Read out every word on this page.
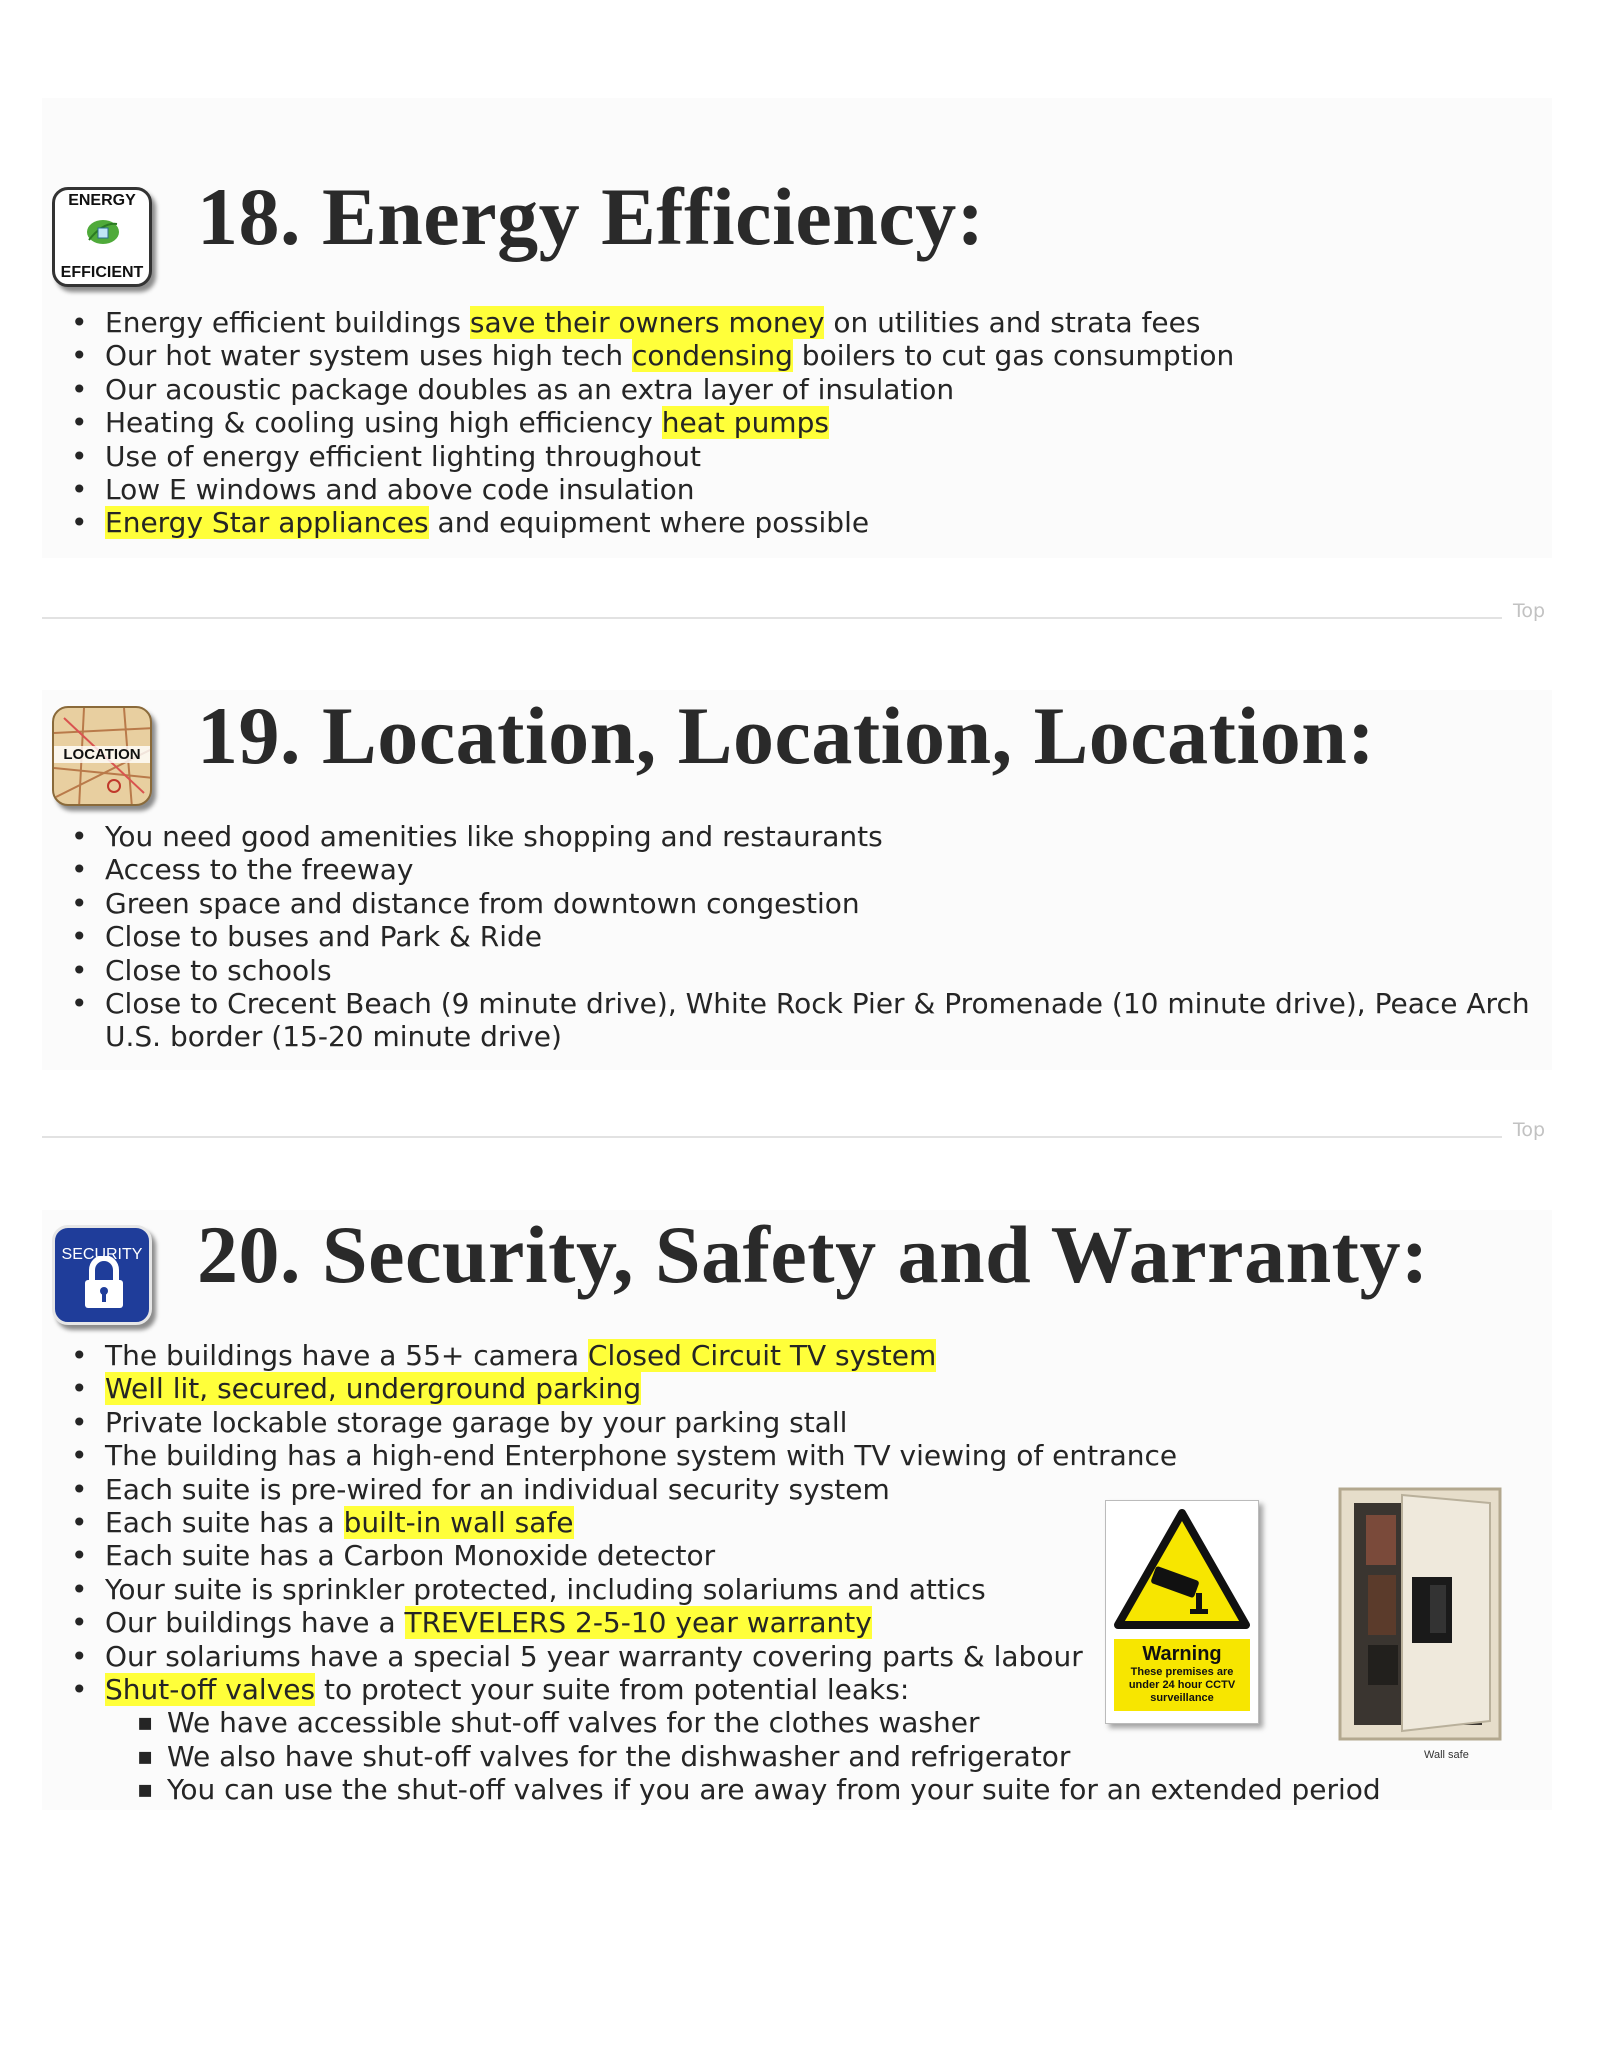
ENERGY
EFFICIENT
18. Energy Efficiency:
• Energy efficient buildings save their owners money on utilities and strata fees
• Our hot water system uses high tech condensing boilers to cut gas consumption
• Our acoustic package doubles as an extra layer of insulation
• Heating & cooling using high efficiency heat pumps
• Use of energy efficient lighting throughout
• Low E windows and above code insulation
• Energy Star appliances and equipment where possible
Top
LOCATION 19. Location, Location, Location:
• You need good amenities like shopping and restaurants
• Access to the freeway
• Green space and distance from downtown congestion
• Close to buses and Park & Ride
• Close to schools
• Close to Crecent Beach (9 minute drive), White Rock Pier & Promenade (10 minute drive), Peace Arch U.S. border (15-20 minute drive)
Top
SECURITY 20. Security, Safety and Warranty:
• The buildings have a 55+ camera Closed Circuit TV system
• Well lit, secured, underground parking
• Private lockable storage garage by your parking stall
• The building has a high-end Enterphone system with TV viewing of entrance
• Each suite is pre-wired for an individual security system
• Each suite has a built-in wall safe
• Each suite has a Carbon Monoxide detector
• Your suite is sprinkler protected, including solariums and attics
• Our buildings have a TREVELERS 2-5-10 year warranty
• Our solariums have a special 5 year warranty covering parts & labour
• Shut-off valves to protect your suite from potential leaks:
▪ We have accessible shut-off valves for the clothes washer
▪ We also have shut-off valves for the dishwasher and refrigerator
▪ You can use the shut-off valves if you are away from your suite for an extended period
Warning
These premises are under 24 hour CCTV surveillance
Wall safe
